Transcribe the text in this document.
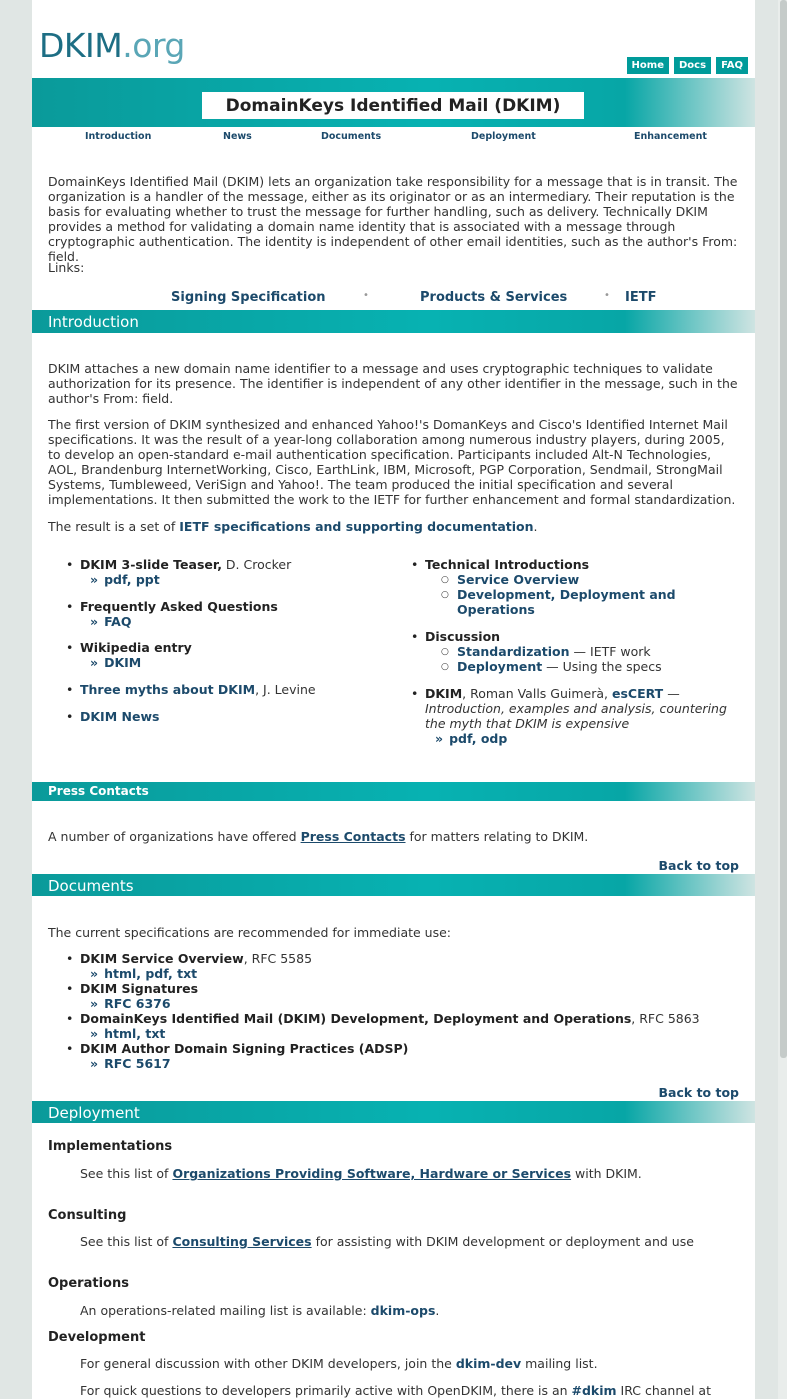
DKIM.org
Home	Docs	FAQ
DomainKeys Identified Mail (DKIM)
Introduction	News	Documents	Deployment	Enhancement

DomainKeys Identified Mail (DKIM) lets an organization take responsibility for a message that is in transit. The organization is a handler of the message, either as its originator or as an intermediary. Their reputation is the basis for evaluating whether to trust the message for further handling, such as delivery. Technically DKIM provides a method for validating a domain name identity that is associated with a message through cryptographic authentication. The identity is independent of other email identities, such as the author's From: field.

Links:

Signing Specification	•	Products & Services	• IETF
Introduction

DKIM attaches a new domain name identifier to a message and uses cryptographic techniques to validate authorization for its presence. The identifier is independent of any other identifier in the message, such in the author's From: field.

The first version of DKIM synthesized and enhanced Yahoo!'s DomanKeys and Cisco's Identified Internet Mail specifications. It was the result of a year-long collaboration among numerous industry players, during 2005, to develop an open-standard e-mail authentication specification. Participants included Alt-N Technologies, AOL, Brandenburg InternetWorking, Cisco, EarthLink, IBM, Microsoft, PGP Corporation, Sendmail, StrongMail Systems, Tumbleweed, VeriSign and Yahoo!. The team produced the initial specification and several implementations. It then submitted the work to the IETF for further enhancement and formal standardization.

The result is a set of IETF specifications and supporting documentation.

• DKIM 3-slide Teaser, D. Crocker
» pdf, ppt
• Frequently Asked Questions
» FAQ
• Wikipedia entry
» DKIM
• Three myths about DKIM, J. Levine
• DKIM News
• Technical Introductions
○ Service Overview
○ Development, Deployment and Operations
• Discussion
○ Standardization — IETF work
○ Deployment — Using the specs
• DKIM, Roman Valls Guimerà, esCERT —
Introduction, examples and analysis, countering the myth that DKIM is expensive
» pdf, odp
Press Contacts

A number of organizations have offered Press Contacts for matters relating to DKIM.

Back to top
Documents

The current specifications are recommended for immediate use:

• DKIM Service Overview, RFC 5585
» html, pdf, txt
• DKIM Signatures
» RFC 6376
• DomainKeys Identified Mail (DKIM) Development, Deployment and Operations, RFC 5863
» html, txt
• DKIM Author Domain Signing Practices (ADSP)
» RFC 5617
Back to top
Deployment
Implementations

See this list of Organizations Providing Software, Hardware or Services with DKIM.

Consulting

See this list of Consulting Services for assisting with DKIM development or deployment and use

Operations

An operations-related mailing list is available: dkim-ops.

Development

For general discussion with other DKIM developers, join the dkim-dev mailing list.

For quick questions to developers primarily active with OpenDKIM, there is an #dkim IRC channel at
